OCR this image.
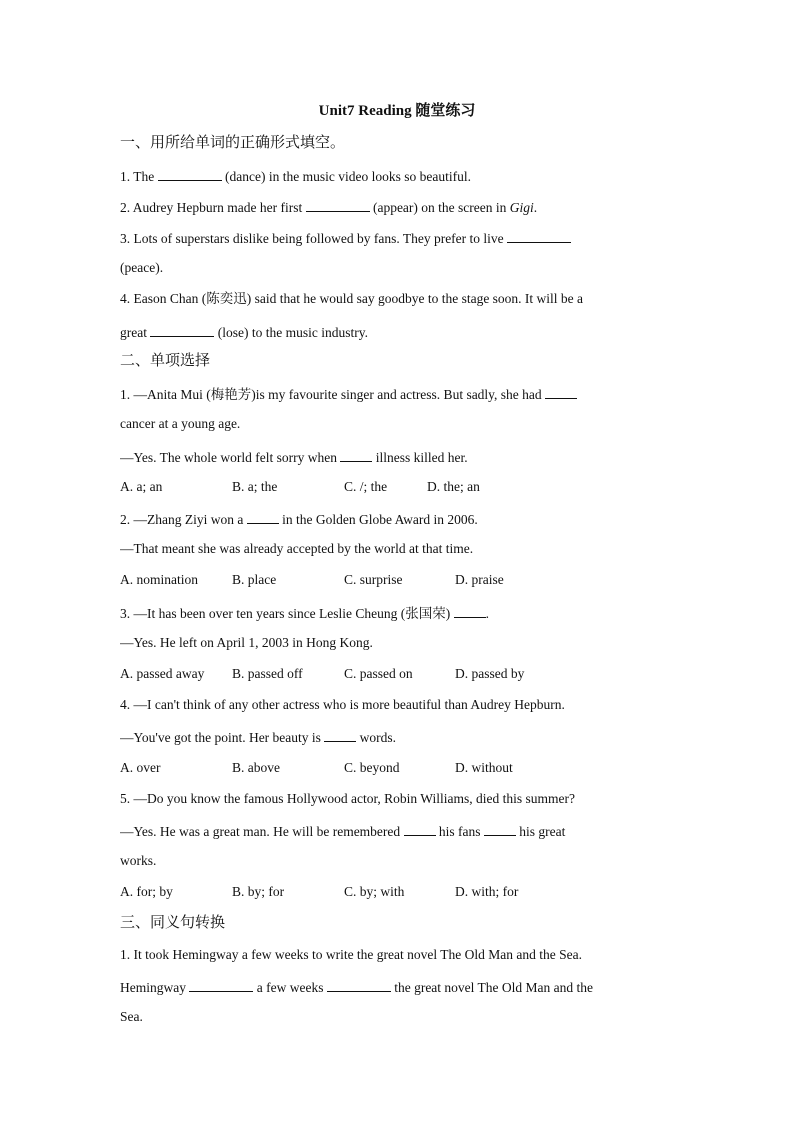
Unit7 Reading 随堂练习
一、用所给单词的正确形式填空。
1. The	(dance) in the music video looks so beautiful.
2. Audrey Hepburn made her first	(appear) on the screen in Gigi.
3. Lots of superstars dislike being followed by fans. They prefer to live
(peace).
4. Eason Chan (陈奕迅) said that he would say goodbye to the stage soon. It will be a
great	(lose) to the music industry.
二、单项选择
1. —Anita Mui (梅艳芳)is my favourite singer and actress. But sadly, she had
cancer at a young age.
—Yes. The whole world felt sorry when	illness killed her.
A. a; an	B. a; the	C. /; the	D. the; an
2. —Zhang Ziyi won a	in the Golden Globe Award in 2006.
—That meant she was already accepted by the world at that time.
A. nomination	B. place	C. surprise	D. praise
3. —It has been over ten years since Leslie Cheung (张国荣)	.
—Yes. He left on April 1, 2003 in Hong Kong.
A. passed away B. passed off	C. passed on	D. passed by
4. —I can't think of any other actress who is more beautiful than Audrey Hepburn.
—You've got the point. Her beauty is	words.
A. over	B. above	C. beyond	D. without
5. —Do you know the famous Hollywood actor, Robin Williams, died this summer?
—Yes. He was a great man. He will be remembered	his fans	his great
works.
A. for; by	B. by; for	C. by; with	D. with; for
三、同义句转换
1. It took Hemingway a few weeks to write the great novel The Old Man and the Sea.
Hemingway	a few weeks	the great novel The Old Man and the
Sea.
